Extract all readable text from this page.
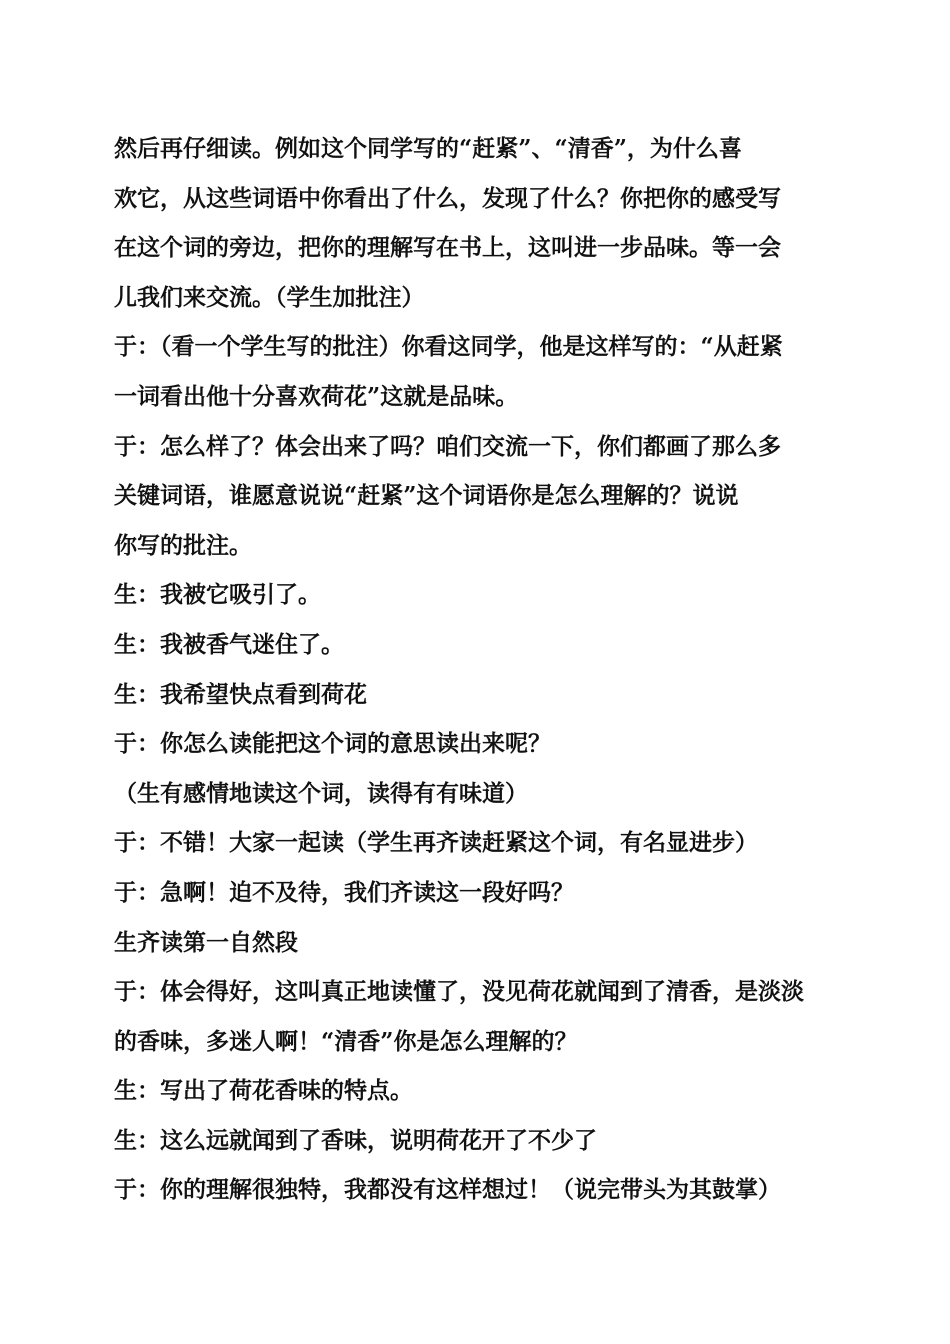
然后再仔细读。例如这个同学写的“赶紧”、“清香”，为什么喜
欢它，从这些词语中你看出了什么，发现了什么？你把你的感受写
在这个词的旁边，把你的理解写在书上，这叫进一步品味。等一会
儿我们来交流。（学生加批注）
于：（看一个学生写的批注）你看这同学，他是这样写的：“从赶紧
一词看出他十分喜欢荷花”这就是品味。
于：怎么样了？体会出来了吗？咱们交流一下，你们都画了那么多
关键词语，谁愿意说说“赶紧”这个词语你是怎么理解的？说说
你写的批注。
生：我被它吸引了。
生：我被香气迷住了。
生：我希望快点看到荷花
于：你怎么读能把这个词的意思读出来呢？
（生有感情地读这个词，读得有有味道）
于：不错！大家一起读（学生再齐读赶紧这个词，有名显进步）
于：急啊！迫不及待，我们齐读这一段好吗？
生齐读第一自然段
于：体会得好，这叫真正地读懂了，没见荷花就闻到了清香，是淡淡
的香味，多迷人啊！“清香”你是怎么理解的？
生：写出了荷花香味的特点。
生：这么远就闻到了香味，说明荷花开了不少了
于：你的理解很独特，我都没有这样想过！（说完带头为其鼓掌）
